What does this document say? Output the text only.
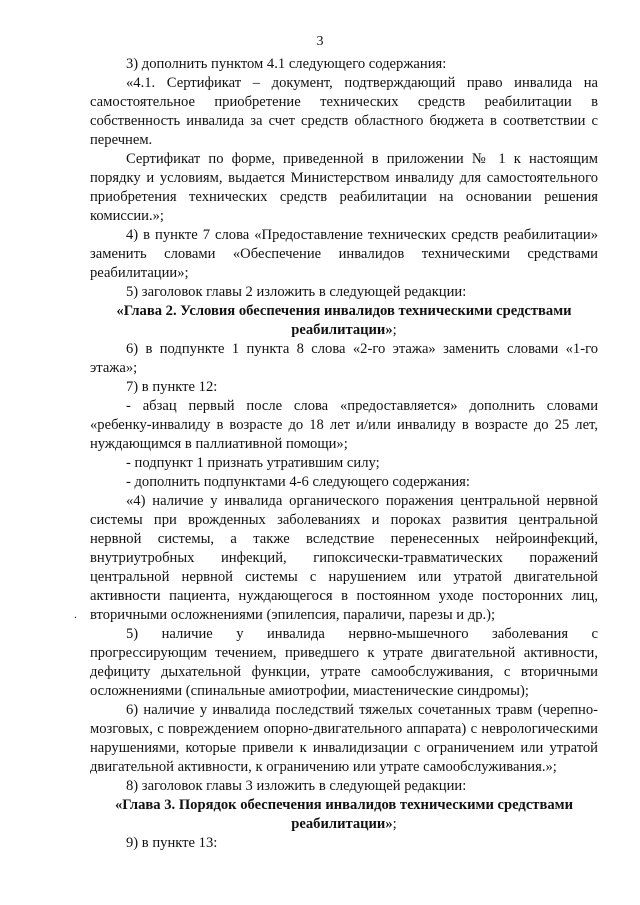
3
.

3) дополнить пунктом 4.1 следующего содержания:

«4.1. Сертификат – документ, подтверждающий право инвалида на самостоятельное приобретение технических средств реабилитации в собственность инвалида за счет средств областного бюджета в соответствии с перечнем.

Сертификат по форме, приведенной в приложении № 1 к настоящим порядку и условиям, выдается Министерством инвалиду для самостоятельного приобретения технических средств реабилитации на основании решения комиссии.»;

4) в пункте 7 слова «Предоставление технических средств реабилитации» заменить словами «Обеспечение инвалидов техническими средствами реабилитации»;

5) заголовок главы 2 изложить в следующей редакции:

«Глава 2. Условия обеспечения инвалидов техническими средствами реабилитации»;

6) в подпункте 1 пункта 8 слова «2-го этажа» заменить словами «1-го этажа»;

7) в пункте 12:

- абзац первый после слова «предоставляется» дополнить словами «ребенку-инвалиду в возрасте до 18 лет и/или инвалиду в возрасте до 25 лет, нуждающимся в паллиативной помощи»;

- подпункт 1 признать утратившим силу;

- дополнить подпунктами 4-6 следующего содержания:

«4) наличие у инвалида органического поражения центральной нервной системы при врожденных заболеваниях и пороках развития центральной нервной системы, а также вследствие перенесенных нейроинфекций, внутриутробных инфекций, гипоксически-травматических поражений центральной нервной системы с нарушением или утратой двигательной активности пациента, нуждающегося в постоянном уходе посторонних лиц, вторичными осложнениями (эпилепсия, параличи, парезы и др.);

5) наличие у инвалида нервно-мышечного заболевания с прогрессирующим течением, приведшего к утрате двигательной активности, дефициту дыхательной функции, утрате самообслуживания, с вторичными осложнениями (спинальные амиотрофии, миастенические синдромы);

6) наличие у инвалида последствий тяжелых сочетанных травм (черепно-мозговых, с повреждением опорно-двигательного аппарата) с неврологическими нарушениями, которые привели к инвалидизации с ограничением или утратой двигательной активности, к ограничению или утрате самообслуживания.»;

8) заголовок главы 3 изложить в следующей редакции:

«Глава 3. Порядок обеспечения инвалидов техническими средствами реабилитации»;

9) в пункте 13:
